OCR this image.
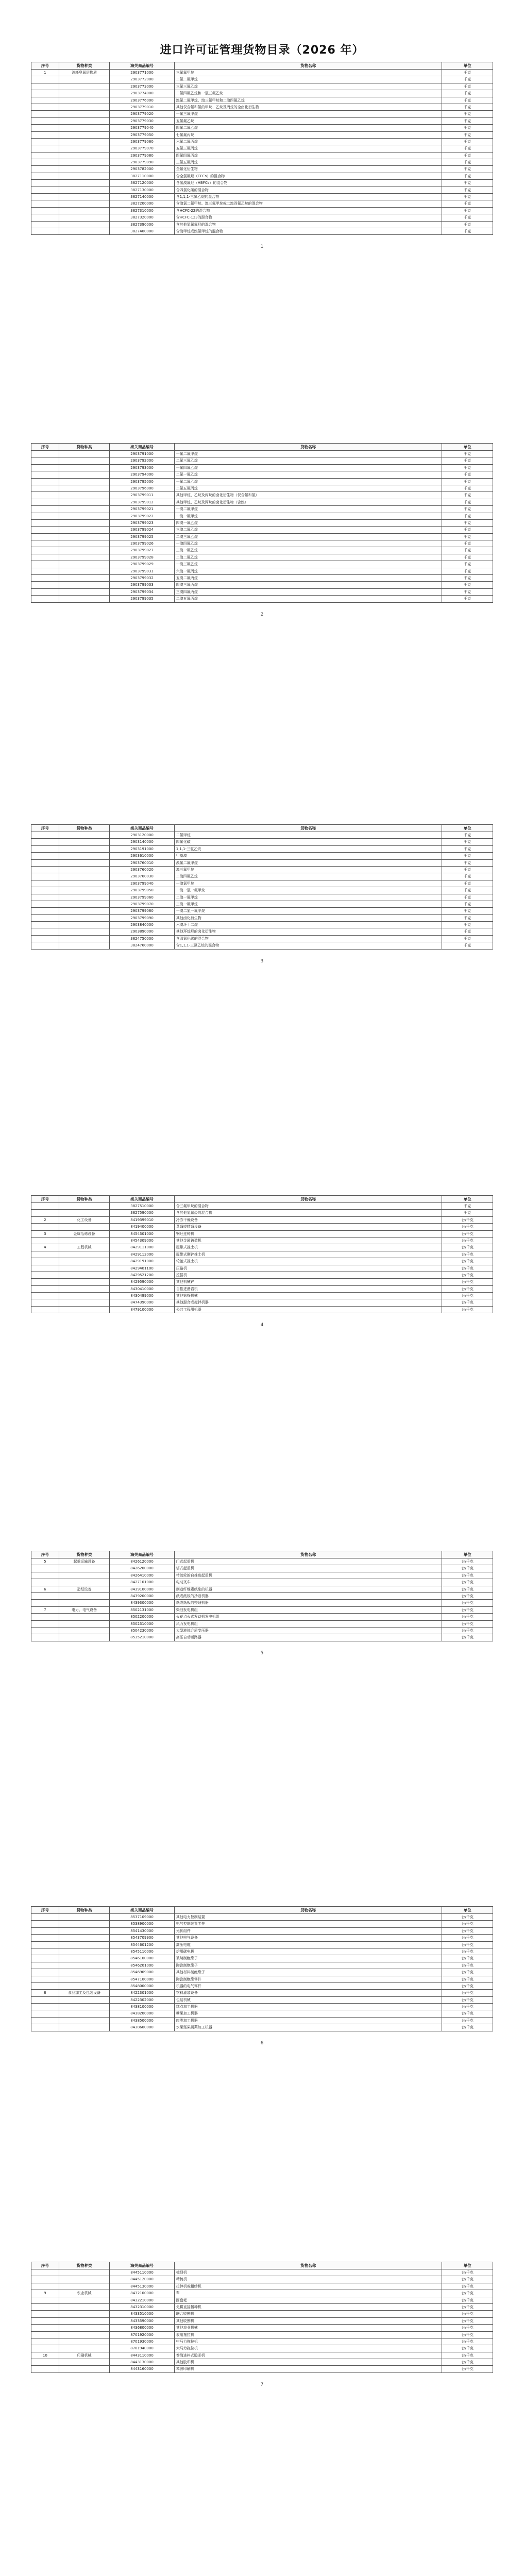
进口许可证管理货物目录（2026 年）
序号	货物种类	海关商品编号	货物名称	单位
1	消耗臭氧层物质	2903771000	三氯氟甲烷	千克
		2903772000	二氯二氟甲烷	千克
		2903773000	三氯三氟乙烷	千克
		2903774000	二氯四氟乙烷和一氯五氟乙烷	千克
		2903776000	溴氯二氟甲烷、溴三氟甲烷和二溴四氟乙烷	千克
		2903779010	其他仅含氟和氯的甲烷、乙烷及丙烷的全卤化衍生物	千克
		2903779020	一氯三氟甲烷	千克
		2903779030	五氯氟乙烷	千克
		2903779040	四氯二氟乙烷	千克
		2903779050	七氯氟丙烷	千克
		2903779060	六氯二氟丙烷	千克
		2903779070	五氯三氟丙烷	千克
		2903779080	四氯四氟丙烷	千克
		2903779090	三氯五氟丙烷	千克
		2903782000	全氟化衍生物	千克
		3827110000	含全氯氟烃（CFCs）的混合物	千克
		3827120000	含氢溴氟烃（HBFCs）的混合物	千克
		3827130000	含四氯化碳的混合物	千克
		3827140000	含1,1,1-三氯乙烷的混合物	千克
		3827200000	含溴氯二氟甲烷、溴三氟甲烷或二溴四氟乙烷的混合物	千克
		3827310000	含HCFC-22的混合物	千克
		3827320000	含HCFC-123的混合物	千克
		3827390000	含其他氢氯氟烃的混合物	千克
		3827400000	含溴甲烷或溴氯甲烷的混合物	千克
1
序号	货物种类	海关商品编号	货物名称	单位
		2903791000	一氯二氟甲烷	千克
		2903792000	二氯三氟乙烷	千克
		2903793000	一氯四氟乙烷	千克
		2903794000	二氯一氟乙烷	千克
		2903795000	一氯二氟乙烷	千克
		2903796000	二氯五氟丙烷	千克
		2903799011	其他甲烷、乙烷及丙烷的卤化衍生物（仅含氟和氯）	千克
		2903799012	其他甲烷、乙烷及丙烷的卤化衍生物（含溴）	千克
		2903799021	一溴二氟甲烷	千克
		2903799022	一溴一氟甲烷	千克
		2903799023	四溴一氟乙烷	千克
		2903799024	三溴二氟乙烷	千克
		2903799025	二溴三氟乙烷	千克
		2903799026	一溴四氟乙烷	千克
		2903799027	三溴一氟乙烷	千克
		2903799028	二溴二氟乙烷	千克
		2903799029	一溴三氟乙烷	千克
		2903799031	六溴一氟丙烷	千克
		2903799032	五溴二氟丙烷	千克
		2903799033	四溴三氟丙烷	千克
		2903799034	三溴四氟丙烷	千克
		2903799035	二溴五氟丙烷	千克
2
序号	货物种类	海关商品编号	货物名称	单位
		2903120000	二氯甲烷	千克
		2903140000	四氯化碳	千克
		2903191000	1,1,1-三氯乙烷	千克
		2903610000	甲基溴	千克
		2903760010	溴氯二氟甲烷	千克
		2903760020	溴三氟甲烷	千克
		2903760030	二溴四氟乙烷	千克
		2903799040	一溴氯甲烷	千克
		2903799050	一溴一氯一氟甲烷	千克
		2903799060	二溴一氟甲烷	千克
		2903799070	三溴一氟甲烷	千克
		2903799080	一溴二氯一氟甲烷	千克
		2903799090	其他卤化衍生物	千克
		2903840000	六溴环十二烷	千克
		2903890000	其他环烷烃的卤化衍生物	千克
		3824750000	含四氯化碳的混合物	千克
		3824760000	含1,1,1-三氯乙烷的混合物	千克
3
序号	货物种类	海关商品编号	货物名称	单位
		3827510000	含三氟甲烷的混合物	千克
		3827590000	含其他氢氟烃的混合物	千克
2	化工设备	8419399010	冷冻干燥设备	台/千克
		8419400000	蒸馏或精馏设备	台/千克
3	金属冶炼设备	8454301000	钢坯连铸机	台/千克
		8454309000	其他金属铸造机	台/千克
4	工程机械	8429111000	履带式推土机	台/千克
		8429112000	履带式侧铲推土机	台/千克
		8429191000	轮胎式推土机	台/千克
		8429401100	压路机	台/千克
		8429521200	挖掘机	台/千克
		8429590000	其他机械铲	台/千克
		8430410000	自推进凿岩机	台/千克
		8430499000	其他钻探机械	台/千克
		8474390000	其他混合或搅拌机器	台/千克
		8479100000	公共工程用机器	台/千克
4
序号	货物种类	海关商品编号	货物名称	单位
5	起重运输设备	8426120000	门式起重机	台/千克
		8426200000	塔式起重机	台/千克
		8426410000	带胶轮的自推进起重机	台/千克
		8427101000	电动叉车	台/千克
6	造纸设备	8439100000	制造纤维素纸浆的机器	台/千克
		8439200000	纸或纸板的抄造机器	台/千克
		8439300000	纸或纸板的整理机器	台/千克
7	电力、电气设备	8502131000	柴油发电机组	台/千克
		8502200000	火花点火式发动机发电机组	台/千克
		8502310000	风力发电机组	台/千克
		8504230000	大型液体介质变压器	台/千克
		8535210000	高压自动断路器	台/千克
5
序号	货物种类	海关商品编号	货物名称	单位
		8537109000	其他电力控制装置	台/千克
		8538900000	电气控制装置零件	台/千克
		8541430000	光伏组件	台/千克
		8543709900	其他电气设备	台/千克
		8544601200	高压电缆	台/千克
		8545110000	炉用碳电极	台/千克
		8546100000	玻璃制绝缘子	台/千克
		8546201000	陶瓷制绝缘子	台/千克
		8546909000	其他材料制绝缘子	台/千克
		8547100000	陶瓷制绝缘零件	台/千克
		8548000000	机器的电气零件	台/千克
8	食品加工及包装设备	8422301000	饮料灌装设备	台/千克
		8422302000	包装机械	台/千克
		8438100000	糕点加工机器	台/千克
		8438200000	糖果加工机器	台/千克
		8438500000	肉类加工机器	台/千克
		8438600000	水果坚果蔬菜加工机器	台/千克
6
序号	货物种类	海关商品编号	货物名称	单位
		8445110000	梳理机	台/千克
		8445120000	精梳机	台/千克
		8445130000	拉伸机或粗纱机	台/千克
9	农业机械	8432100000	犁	台/千克
		8432210000	圆盘耙	台/千克
		8432310000	免耕直接播种机	台/千克
		8433510000	联合收割机	台/千克
		8433590000	其他收割机	台/千克
		8436800000	其他农业机械	台/千克
		8701920000	农用拖拉机	台/千克
		8701930000	中马力拖拉机	台/千克
		8701940000	大马力拖拉机	台/千克
10	印刷机械	8443110000	卷筒进料式胶印机	台/千克
		8443130000	其他胶印机	台/千克
		8443160000	苯胺印刷机	台/千克
7
